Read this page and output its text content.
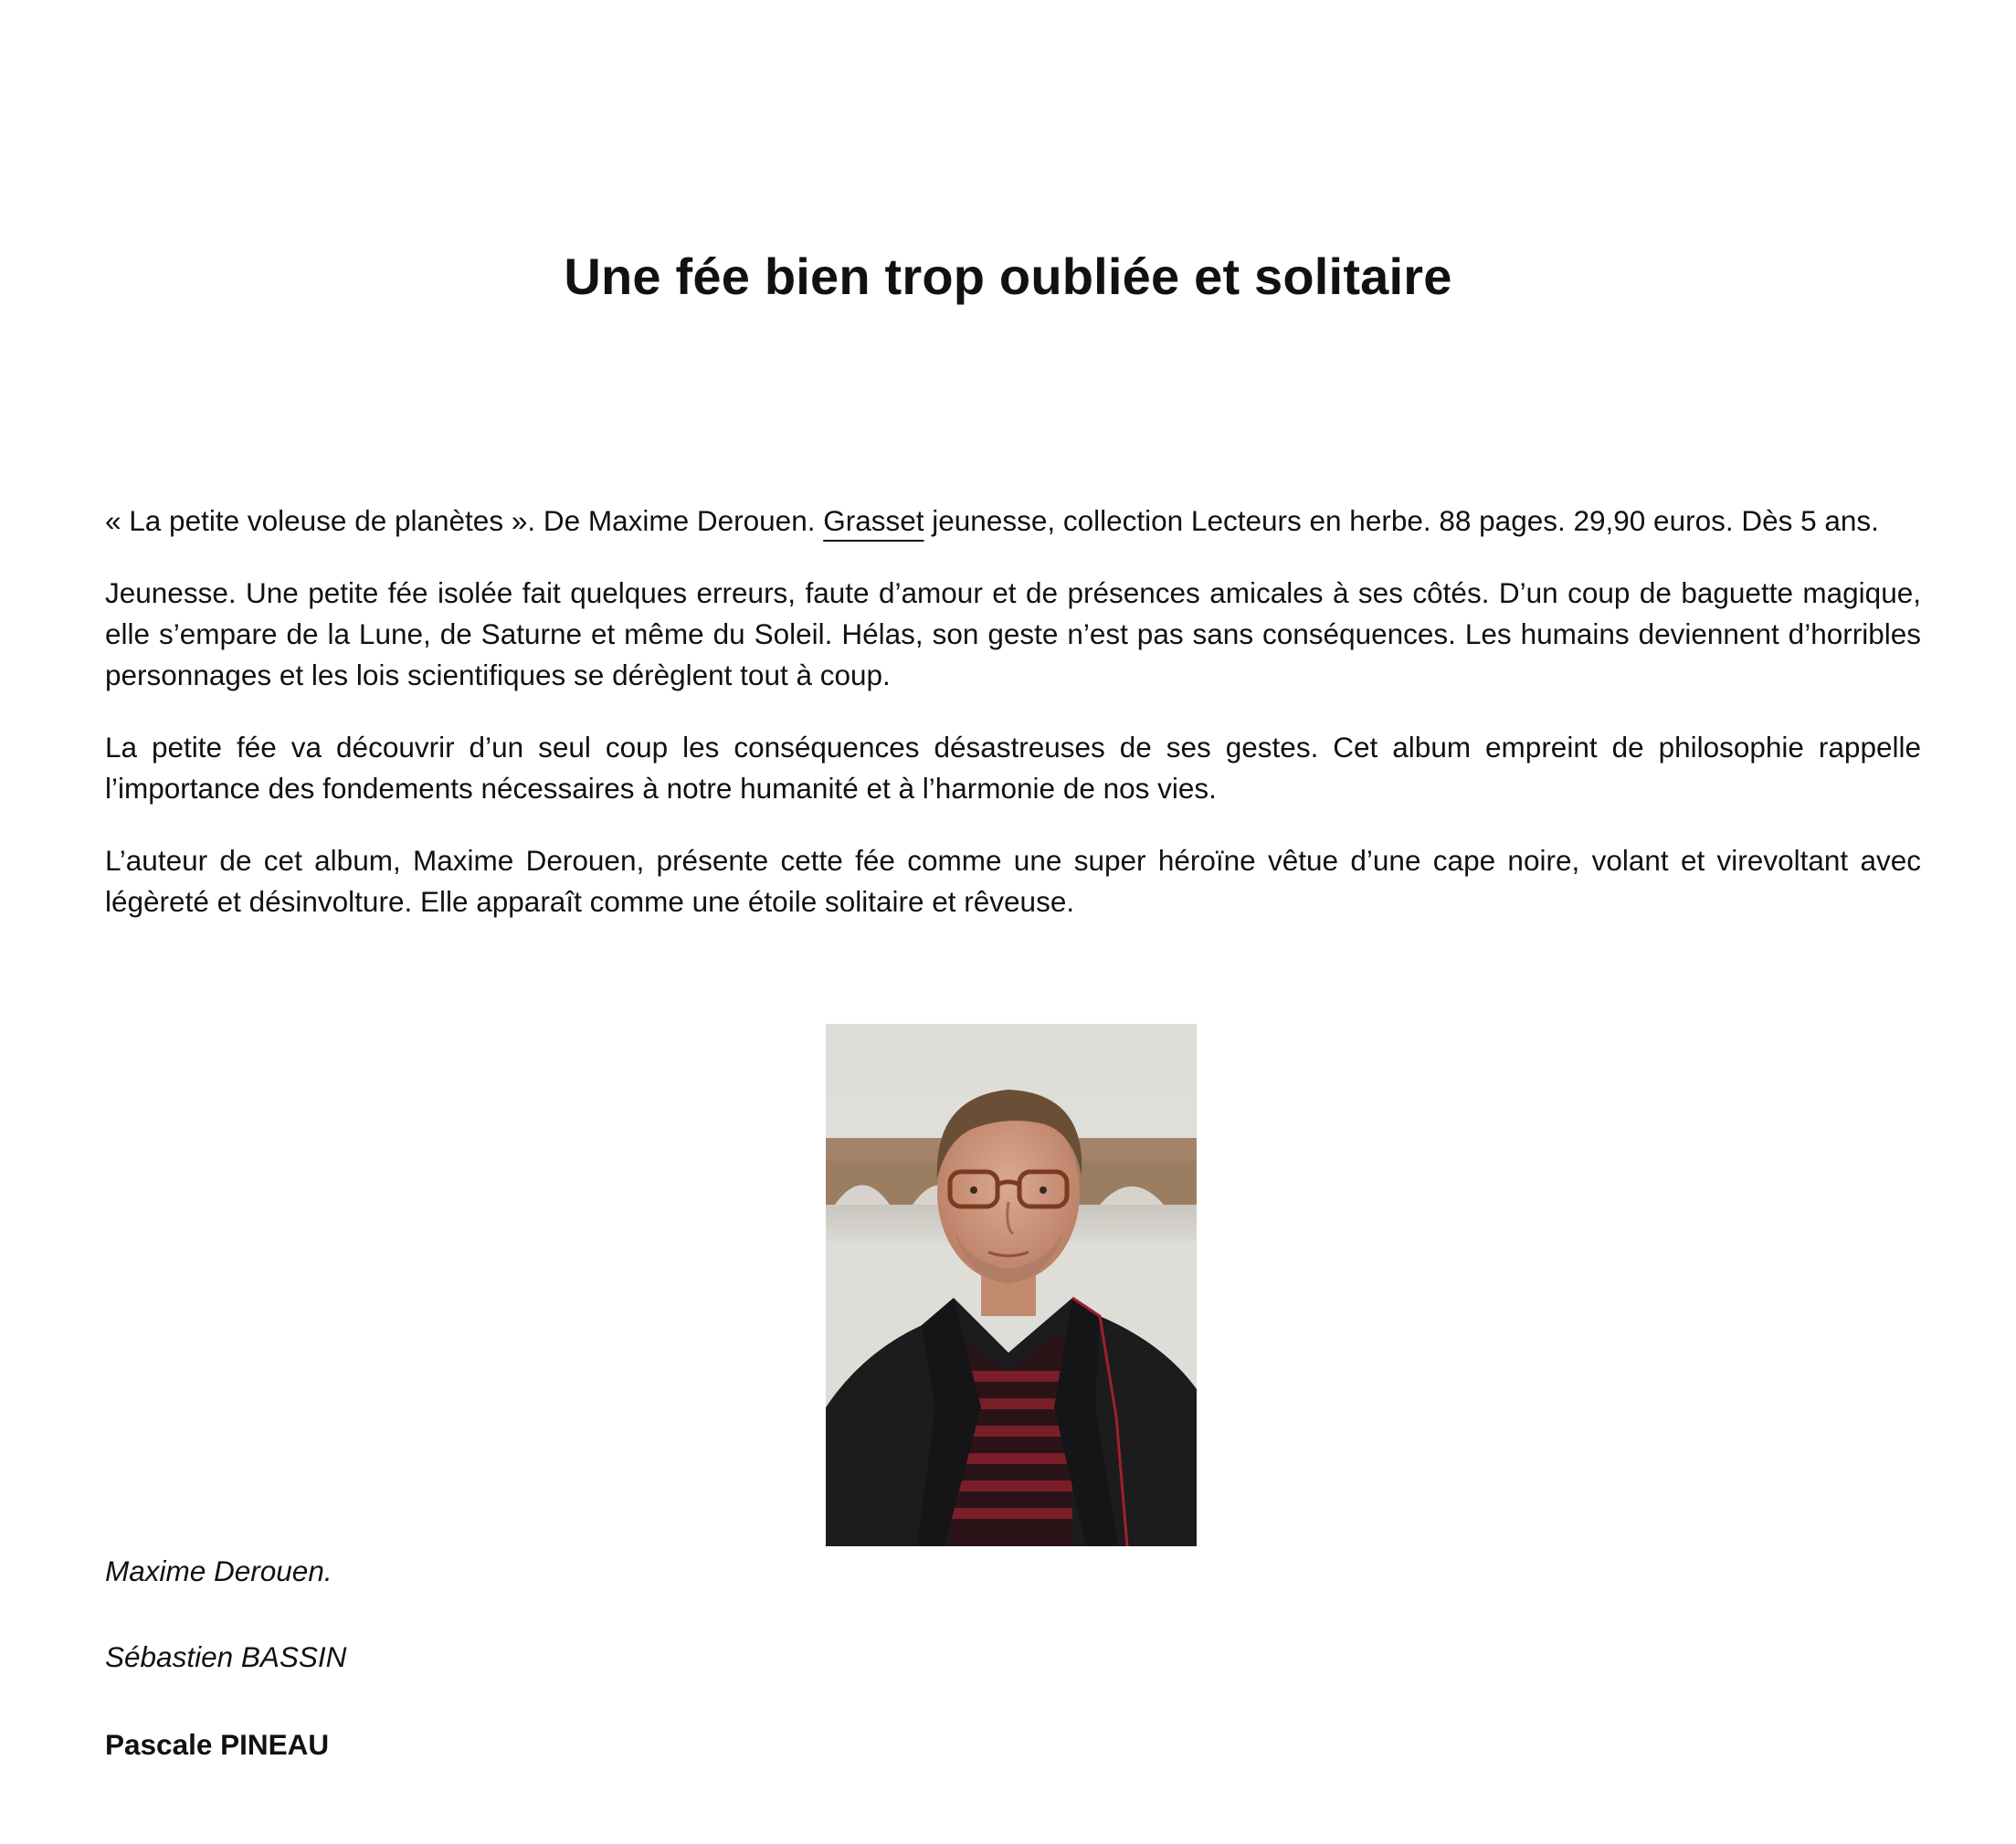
Une fée bien trop oubliée et solitaire

« La petite voleuse de planètes ». De Maxime Derouen. Grasset jeunesse, collection Lecteurs en herbe. 88 pages. 29,90 euros. Dès 5 ans.

Jeunesse. Une petite fée isolée fait quelques erreurs, faute d’amour et de présences amicales à ses côtés. D’un coup de baguette magique, elle s’empare de la Lune, de Saturne et même du Soleil. Hélas, son geste n’est pas sans conséquences. Les humains deviennent d’horribles personnages et les lois scientifiques se dérèglent tout à coup.

La petite fée va découvrir d’un seul coup les conséquences désastreuses de ses gestes. Cet album empreint de philosophie rappelle l’importance des fondements nécessaires à notre humanité et à l’harmonie de nos vies.

L’auteur de cet album, Maxime Derouen, présente cette fée comme une super héroïne vêtue d’une cape noire, volant et virevoltant avec légèreté et désinvolture. Elle apparaît comme une étoile solitaire et rêveuse.

Maxime Derouen.
Sébastien BASSIN
Pascale PINEAU
